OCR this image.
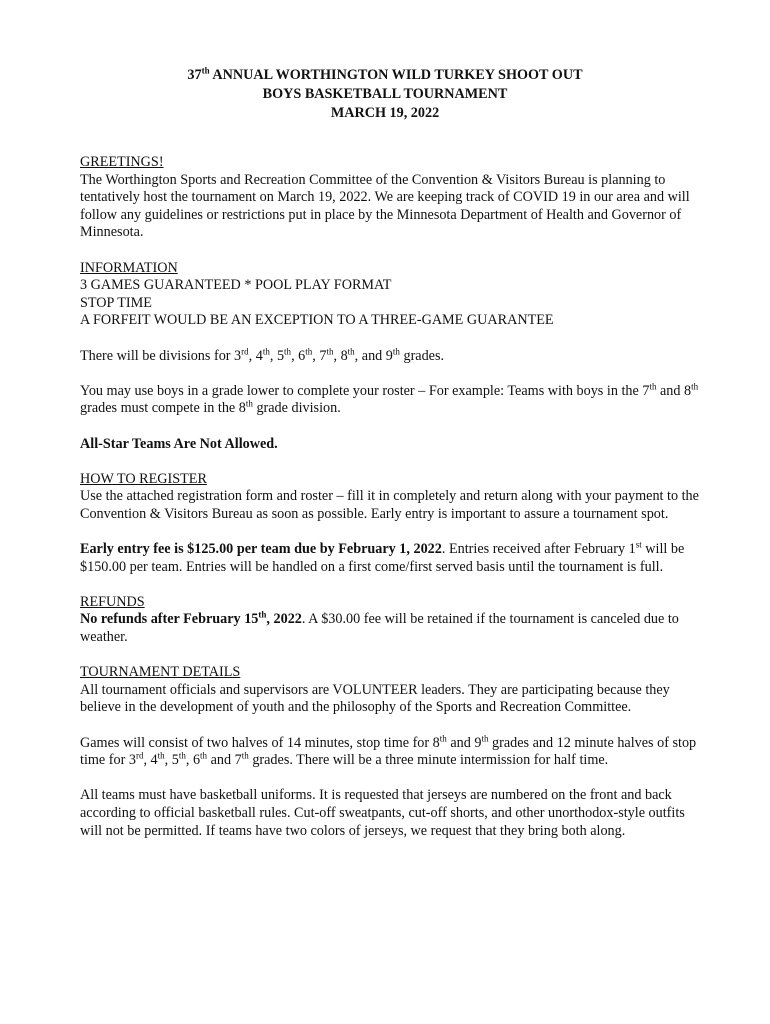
37th ANNUAL WORTHINGTON WILD TURKEY SHOOT OUT
BOYS BASKETBALL TOURNAMENT
MARCH 19, 2022

GREETINGS!

The Worthington Sports and Recreation Committee of the Convention & Visitors Bureau is planning to tentatively host the tournament on March 19, 2022. We are keeping track of COVID 19 in our area and will follow any guidelines or restrictions put in place by the Minnesota Department of Health and Governor of Minnesota.

INFORMATION

3 GAMES GUARANTEED * POOL PLAY FORMAT

STOP TIME

A FORFEIT WOULD BE AN EXCEPTION TO A THREE-GAME GUARANTEE

There will be divisions for 3rd, 4th, 5th, 6th, 7th, 8th, and 9th grades.

You may use boys in a grade lower to complete your roster – For example: Teams with boys in the 7th and 8th grades must compete in the 8th grade division.

All-Star Teams Are Not Allowed.

HOW TO REGISTER

Use the attached registration form and roster – fill it in completely and return along with your payment to the Convention & Visitors Bureau as soon as possible. Early entry is important to assure a tournament spot.

Early entry fee is $125.00 per team due by February 1, 2022. Entries received after February 1st will be $150.00 per team. Entries will be handled on a first come/first served basis until the tournament is full.

REFUNDS

No refunds after February 15th, 2022. A $30.00 fee will be retained if the tournament is canceled due to weather.

TOURNAMENT DETAILS

All tournament officials and supervisors are VOLUNTEER leaders. They are participating because they believe in the development of youth and the philosophy of the Sports and Recreation Committee.

Games will consist of two halves of 14 minutes, stop time for 8th and 9th grades and 12 minute halves of stop time for 3rd, 4th, 5th, 6th and 7th grades. There will be a three minute intermission for half time.

All teams must have basketball uniforms. It is requested that jerseys are numbered on the front and back according to official basketball rules. Cut-off sweatpants, cut-off shorts, and other unorthodox-style outfits will not be permitted. If teams have two colors of jerseys, we request that they bring both along.
